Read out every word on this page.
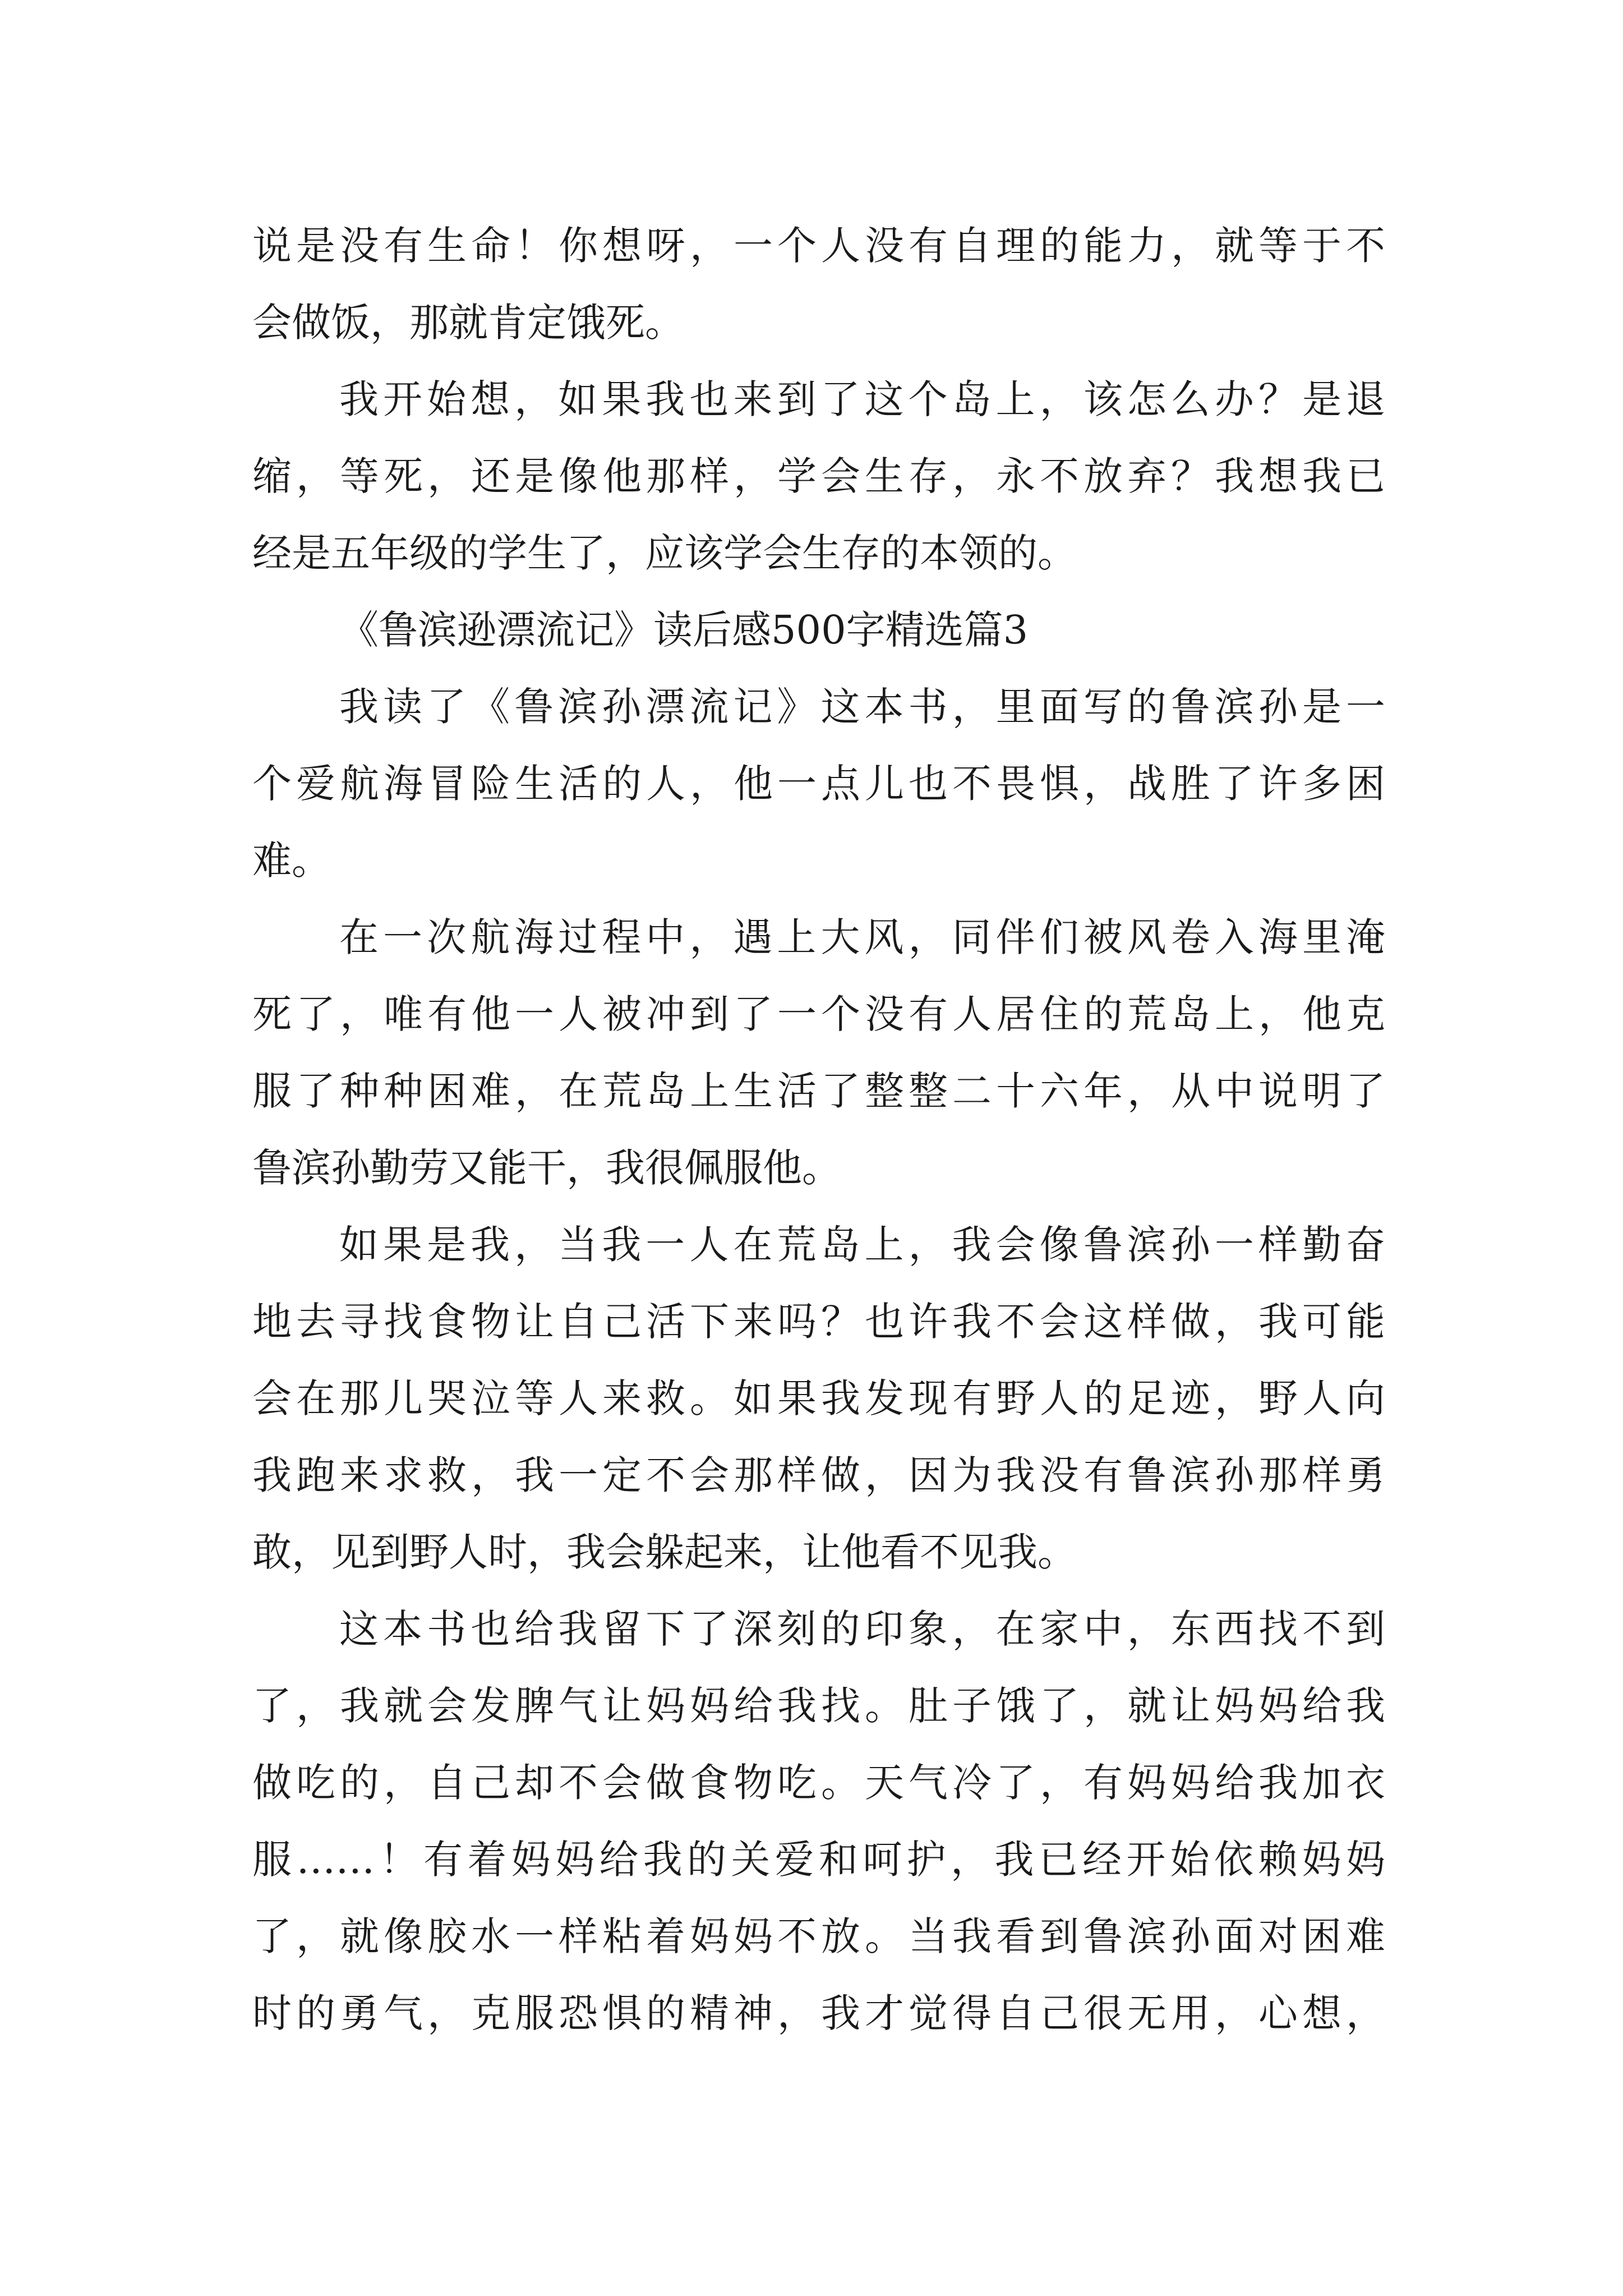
说是没有生命！你想呀，一个人没有自理的能力，就等于不
会做饭，那就肯定饿死。
我开始想，如果我也来到了这个岛上，该怎么办？是退
缩，等死，还是像他那样，学会生存，永不放弃？我想我已
经是五年级的学生了，应该学会生存的本领的。
《鲁滨逊漂流记》读后感500字精选篇3
我读了《鲁滨孙漂流记》这本书，里面写的鲁滨孙是一
个爱航海冒险生活的人，他一点儿也不畏惧，战胜了许多困
难。
在一次航海过程中，遇上大风，同伴们被风卷入海里淹
死了，唯有他一人被冲到了一个没有人居住的荒岛上，他克
服了种种困难，在荒岛上生活了整整二十六年，从中说明了
鲁滨孙勤劳又能干，我很佩服他。
如果是我，当我一人在荒岛上，我会像鲁滨孙一样勤奋
地去寻找食物让自己活下来吗？也许我不会这样做，我可能
会在那儿哭泣等人来救。如果我发现有野人的足迹，野人向
我跑来求救，我一定不会那样做，因为我没有鲁滨孙那样勇
敢，见到野人时，我会躲起来，让他看不见我。
这本书也给我留下了深刻的印象，在家中，东西找不到
了，我就会发脾气让妈妈给我找。肚子饿了，就让妈妈给我
做吃的，自己却不会做食物吃。天气冷了，有妈妈给我加衣
服……！有着妈妈给我的关爱和呵护，我已经开始依赖妈妈
了，就像胶水一样粘着妈妈不放。当我看到鲁滨孙面对困难
时的勇气，克服恐惧的精神，我才觉得自己很无用，心想，
